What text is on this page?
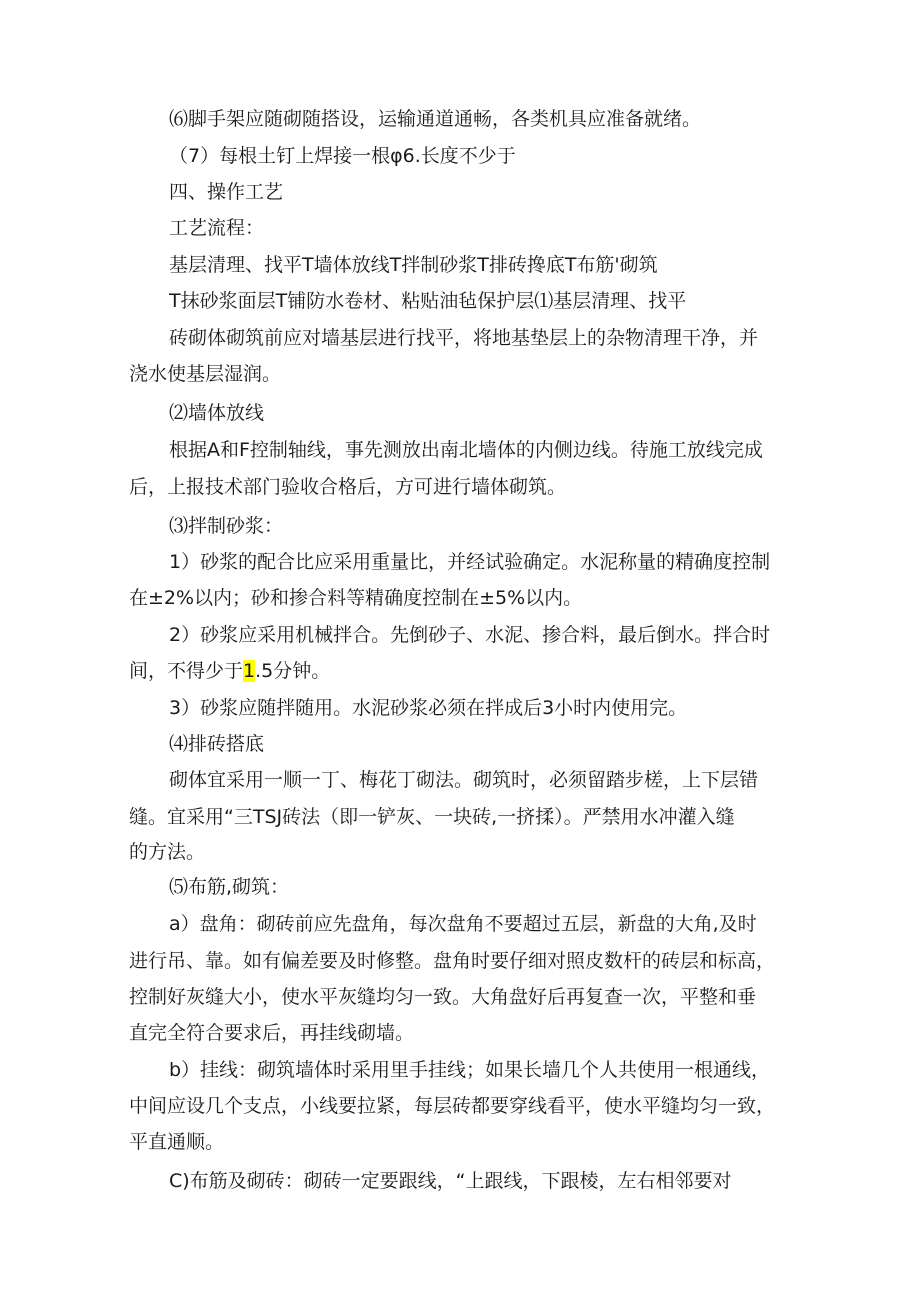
⑹脚手架应随砌随搭设，运输通道通畅，各类机具应准备就绪。
（7）每根土钉上焊接一根φ6.长度不少于
四、操作工艺
工艺流程：
基层清理、找平T墙体放线T拌制砂浆T排砖搀底T布筋'砌筑
T抹砂浆面层T铺防水卷材、粘贴油毡保护层⑴基层清理、找平
砖砌体砌筑前应对墙基层进行找平，将地基垫层上的杂物清理干净，并
浇水使基层湿润。
⑵墙体放线
根据A和F控制轴线，事先测放出南北墙体的内侧边线。待施工放线完成
后，上报技术部门验收合格后，方可进行墙体砌筑。
⑶拌制砂浆：
1）砂浆的配合比应采用重量比，并经试验确定。水泥称量的精确度控制
在±2%以内；砂和掺合料等精确度控制在±5%以内。
2）砂浆应采用机械拌合。先倒砂子、水泥、掺合料，最后倒水。拌合时
间，不得少于1.5分钟。
3）砂浆应随拌随用。水泥砂浆必须在拌成后3小时内使用完。
⑷排砖搭底
砌体宜采用一顺一丁、梅花丁砌法。砌筑时，必须留踏步槎，上下层错
缝。宜采用“三TSJ砖法（即一铲灰、一块砖,一挤揉）。严禁用水冲灌入缝
的方法。
⑸布筋,砌筑：
a）盘角：砌砖前应先盘角，每次盘角不要超过五层，新盘的大角,及时
进行吊、靠。如有偏差要及时修整。盘角时要仔细对照皮数杆的砖层和标高，
控制好灰缝大小，使水平灰缝均匀一致。大角盘好后再复查一次，平整和垂
直完全符合要求后，再挂线砌墙。
b）挂线：砌筑墙体时采用里手挂线；如果长墙几个人共使用一根通线，
中间应设几个支点，小线要拉紧，每层砖都要穿线看平，使水平缝均匀一致，
平直通顺。
C)布筋及砌砖：砌砖一定要跟线，“上跟线，下跟棱，左右相邻要对
